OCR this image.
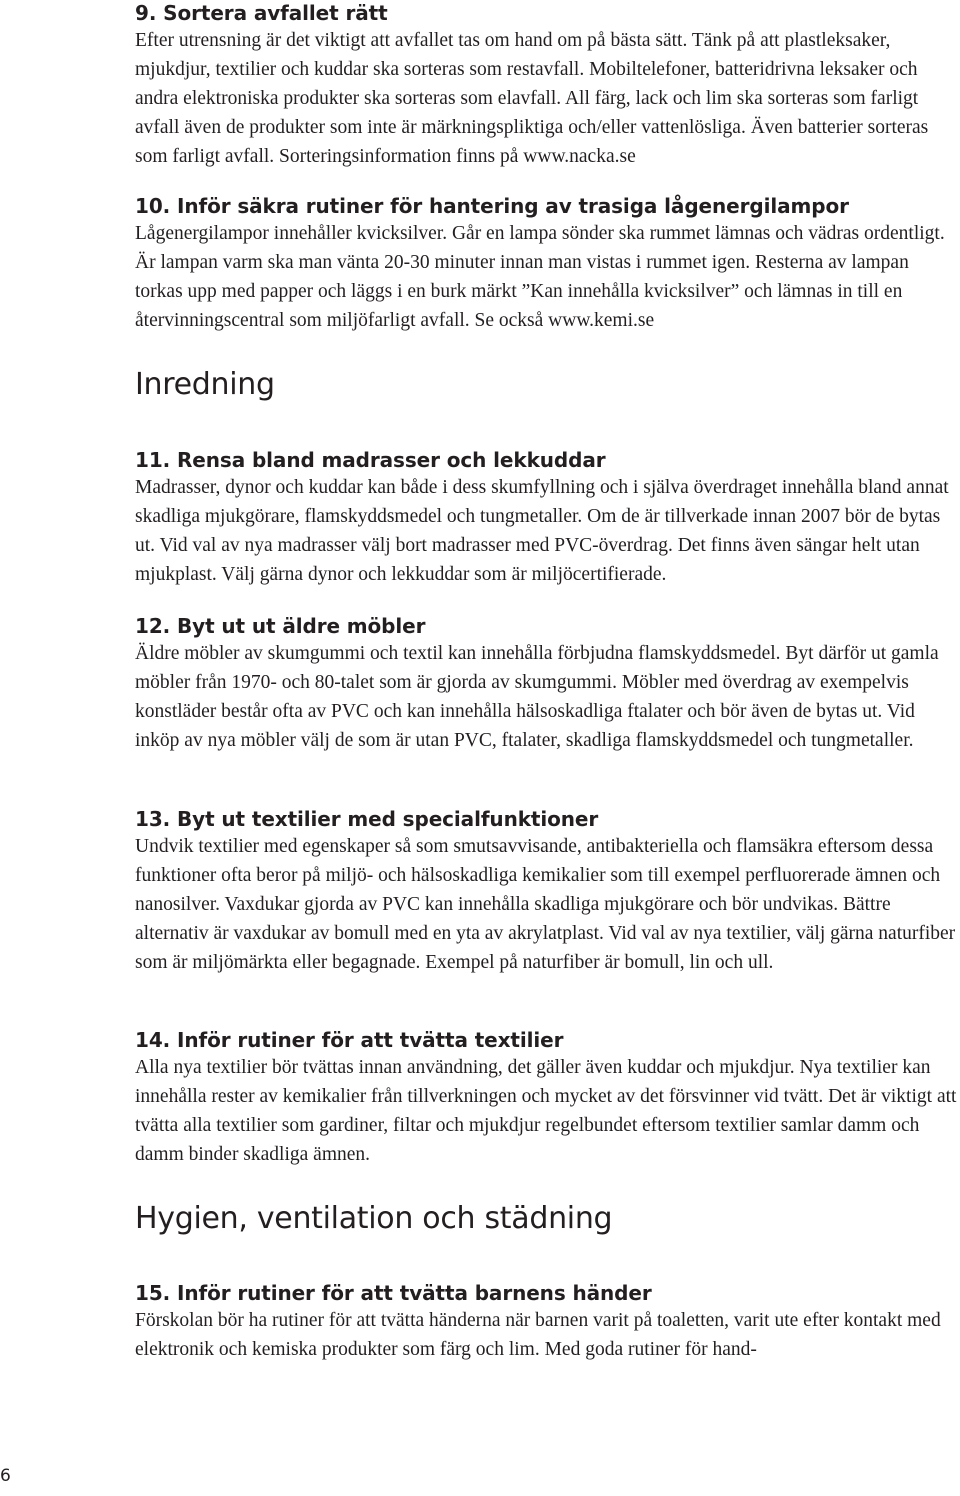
9. Sortera avfallet rätt

Efter utrensning är det viktigt att avfallet tas om hand om på bästa sätt. Tänk på att plastleksaker, mjukdjur, textilier och kuddar ska sorteras som restavfall. Mobiltelefoner, batteridrivna leksaker och andra elektroniska produkter ska sorteras som elavfall. All färg, lack och lim ska sorteras som farligt avfall även de produkter som inte är märkningspliktiga och/eller vattenlösliga. Även batterier sorteras som farligt avfall. Sorteringsinformation finns på www.nacka.se

10. Inför säkra rutiner för hantering av trasiga lågenergilampor

Lågenergilampor innehåller kvicksilver. Går en lampa sönder ska rummet lämnas och vädras ordentligt. Är lampan varm ska man vänta 20-30 minuter innan man vistas i rummet igen. Resterna av lampan torkas upp med papper och läggs i en burk märkt ”Kan innehålla kvicksilver” och lämnas in till en återvinningscentral som miljöfarligt avfall. Se också www.kemi.se

Inredning
11. Rensa bland madrasser och lekkuddar

Madrasser, dynor och kuddar kan både i dess skumfyllning och i själva överdraget innehålla bland annat skadliga mjukgörare, flamskyddsmedel och tungmetaller. Om de är tillverkade innan 2007 bör de bytas ut. Vid val av nya madrasser välj bort madrasser med PVC-överdrag. Det finns även sängar helt utan mjukplast. Välj gärna dynor och lekkuddar som är miljöcertifierade.

12. Byt ut ut äldre möbler

Äldre möbler av skumgummi och textil kan innehålla förbjudna flamskyddsmedel. Byt därför ut gamla möbler från 1970- och 80-talet som är gjorda av skumgummi. Möbler med överdrag av exempelvis konstläder består ofta av PVC och kan innehålla hälsoskadliga ftalater och bör även de bytas ut. Vid inköp av nya möbler välj de som är utan PVC, ftalater, skadliga flamskyddsmedel och tungmetaller.

13. Byt ut textilier med specialfunktioner

Undvik textilier med egenskaper så som smutsavvisande, antibakteriella och flamsäkra eftersom dessa funktioner ofta beror på miljö- och hälsoskadliga kemikalier som till exempel perfluorerade ämnen och nanosilver. Vaxdukar gjorda av PVC kan innehålla skadliga mjukgörare och bör undvikas. Bättre alternativ är vaxdukar av bomull med en yta av akrylatplast. Vid val av nya textilier, välj gärna naturfiber som är miljömärkta eller begagnade. Exempel på naturfiber är bomull, lin och ull.

14. Inför rutiner för att tvätta textilier

Alla nya textilier bör tvättas innan användning, det gäller även kuddar och mjukdjur. Nya textilier kan innehålla rester av kemikalier från tillverkningen och mycket av det försvinner vid tvätt. Det är viktigt att tvätta alla textilier som gardiner, filtar och mjukdjur regelbundet eftersom textilier samlar damm och damm binder skadliga ämnen.

Hygien, ventilation och städning
15. Inför rutiner för att tvätta barnens händer

Förskolan bör ha rutiner för att tvätta händerna när barnen varit på toaletten, varit ute efter kontakt med elektronik och kemiska produkter som färg och lim. Med goda rutiner för hand-

6
